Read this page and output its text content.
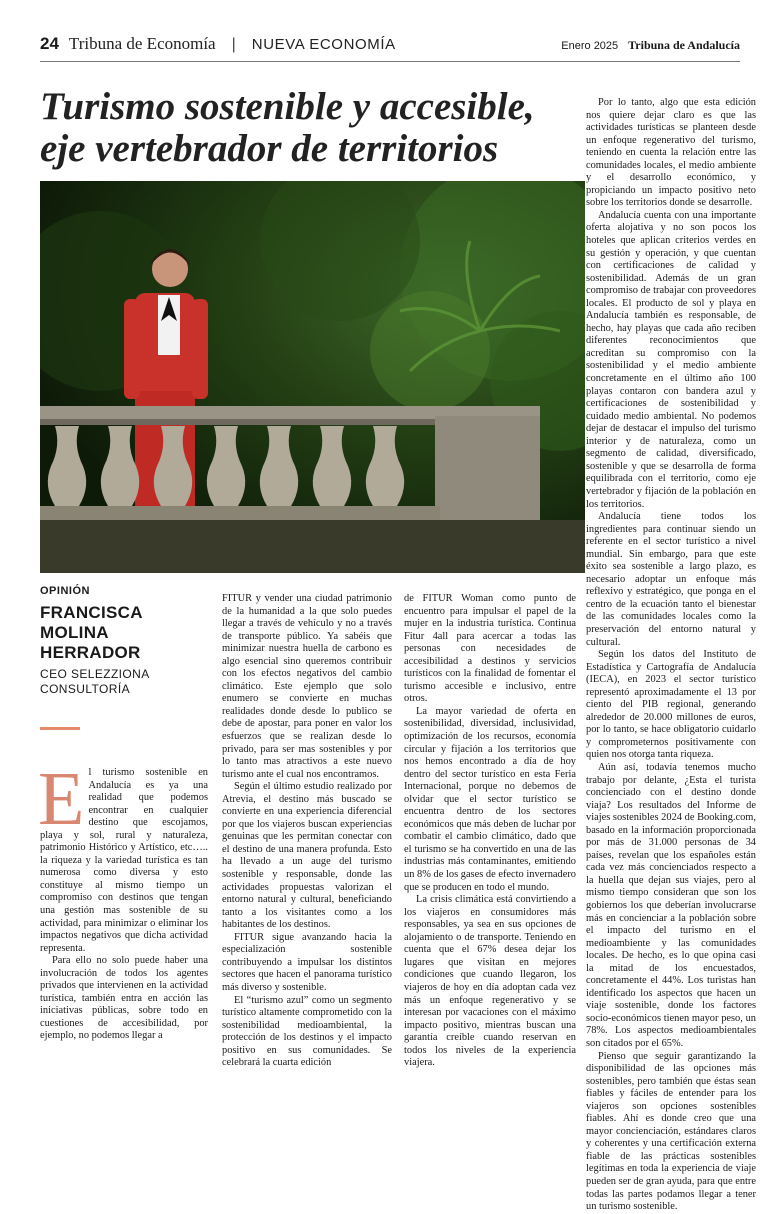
24 Tribuna de Economía | NUEVA ECONOMÍA	Enero 2025 Tribuna de Andalucía
Turismo sostenible y accesible,
eje vertebrador de territorios
OPINIÓN
FRANCISCA
MOLINA HERRADOR
CEO SELEZZIONA
CONSULTORÍA

El turismo sostenible en Andalucía es ya una realidad que podemos encontrar en cualquier destino que escojamos, playa y sol, rural y naturaleza, patrimonio Histórico y Artístico, etc….. la riqueza y la variedad turística es tan numerosa como diversa y esto constituye al mismo tiempo un compromiso con destinos que tengan una gestión mas sostenible de su actividad, para minimizar o eliminar los impactos negativos que dicha actividad representa.

Para ello no solo puede haber una involucración de todos los agentes privados que intervienen en la actividad turística, también entra en acción las iniciativas públicas, sobre todo en cuestiones de accesibilidad, por ejemplo, no podemos llegar a

FITUR y vender una ciudad patrimonio de la humanidad a la que solo puedes llegar a través de vehículo y no a través de transporte público. Ya sabéis que minimizar nuestra huella de carbono es algo esencial sino queremos contribuir con los efectos negativos del cambio climático. Este ejemplo que solo enumero se convierte en muchas realidades donde desde lo publico se debe de apostar, para poner en valor los esfuerzos que se realizan desde lo privado, para ser mas sostenibles y por lo tanto mas atractivos a este nuevo turismo ante el cual nos encontramos.

Según el último estudio realizado por Atrevia, el destino más buscado se convierte en una experiencia diferencial por que los viajeros buscan experiencias genuinas que les permitan conectar con el destino de una manera profunda. Esto ha llevado a un auge del turismo sostenible y responsable, donde las actividades propuestas valorizan el entorno natural y cultural, beneficiando tanto a los visitantes como a los habitantes de los destinos.

FITUR sigue avanzando hacia la especialización sostenible contribuyendo a impulsar los distintos sectores que hacen el panorama turístico más diverso y sostenible.

El “turismo azul” como un segmento turístico altamente comprometido con la sostenibilidad medioambiental, la protección de los destinos y el impacto positivo en sus comunidades. Se celebrará la cuarta edición

de FITUR Woman como punto de encuentro para impulsar el papel de la mujer en la industria turística. Continua Fitur 4all para acercar a todas las personas con necesidades de accesibilidad a destinos y servicios turísticos con la finalidad de fomentar el turismo accesible e inclusivo, entre otros.

La mayor variedad de oferta en sostenibilidad, diversidad, inclusividad, optimización de los recursos, economía circular y fijación a los territorios que nos hemos encontrado a día de hoy dentro del sector turístico en esta Feria Internacional, porque no debemos de olvidar que el sector turístico se encuentra dentro de los sectores económicos que más deben de luchar por combatir el cambio climático, dado que el turismo se ha convertido en una de las industrias más contaminantes, emitiendo un 8% de los gases de efecto invernadero que se producen en todo el mundo.

La crisis climática está convirtiendo a los viajeros en consumidores más responsables, ya sea en sus opciones de alojamiento o de transporte. Teniendo en cuenta que el 67% desea dejar los lugares que visitan en mejores condiciones que cuando llegaron, los viajeros de hoy en día adoptan cada vez más un enfoque regenerativo y se interesan por vacaciones con el máximo impacto positivo, mientras buscan una garantía creíble cuando reservan en todos los niveles de la experiencia viajera.

Por lo tanto, algo que esta edición nos quiere dejar claro es que las actividades turísticas se planteen desde un enfoque regenerativo del turismo, teniendo en cuenta la relación entre las comunidades locales, el medio ambiente y el desarrollo económico, y propiciando un impacto positivo neto sobre los territorios donde se desarrolle.

Andalucía cuenta con una importante oferta alojativa y no son pocos los hoteles que aplican criterios verdes en su gestión y operación, y que cuentan con certificaciones de calidad y sostenibilidad. Además de un gran compromiso de trabajar con proveedores locales. El producto de sol y playa en Andalucía también es responsable, de hecho, hay playas que cada año reciben diferentes reconocimientos que acreditan su compromiso con la sostenibilidad y el medio ambiente concretamente en el último año 100 playas contaron con bandera azul y certificaciones de sostenibilidad y cuidado medio ambiental. No podemos dejar de destacar el impulso del turismo interior y de naturaleza, como un segmento de calidad, diversificado, sostenible y que se desarrolla de forma equilibrada con el territorio, como eje vertebrador y fijación de la población en los territorios.

Andalucía tiene todos los ingredientes para continuar siendo un referente en el sector turístico a nivel mundial. Sin embargo, para que este éxito sea sostenible a largo plazo, es necesario adoptar un enfoque más reflexivo y estratégico, que ponga en el centro de la ecuación tanto el bienestar de las comunidades locales como la preservación del entorno natural y cultural.

Según los datos del Instituto de Estadística y Cartografía de Andalucía (IECA), en 2023 el sector turístico representó aproximadamente el 13 por ciento del PIB regional, generando alrededor de 20.000 millones de euros, por lo tanto, se hace obligatorio cuidarlo y comprometernos positivamente con quien nos otorga tanta riqueza.

Aún así, todavía tenemos mucho trabajo por delante, ¿Esta el turista concienciado con el destino donde viaja? Los resultados del Informe de viajes sostenibles 2024 de Booking.com, basado en la información proporcionada por más de 31.000 personas de 34 países, revelan que los españoles están cada vez más concienciados respecto a la huella que dejan sus viajes, pero al mismo tiempo consideran que son los gobiernos los que deberían involucrarse más en concienciar a la población sobre el impacto del turismo en el medioambiente y las comunidades locales. De hecho, es lo que opina casi la mitad de los encuestados, concretamente el 44%. Los turistas han identificado los aspectos que hacen un viaje sostenible, donde los factores socio-económicos tienen mayor peso, un 78%. Los aspectos medioambientales son citados por el 65%.

Pienso que seguir garantizando la disponibilidad de las opciones más sostenibles, pero también que éstas sean fiables y fáciles de entender para los viajeros son opciones sostenibles fiables. Ahí es donde creo que una mayor concienciación, estándares claros y coherentes y una certificación externa fiable de las prácticas sostenibles legítimas en toda la experiencia de viaje pueden ser de gran ayuda, para que entre todas las partes podamos llegar a tener un turismo sostenible.
